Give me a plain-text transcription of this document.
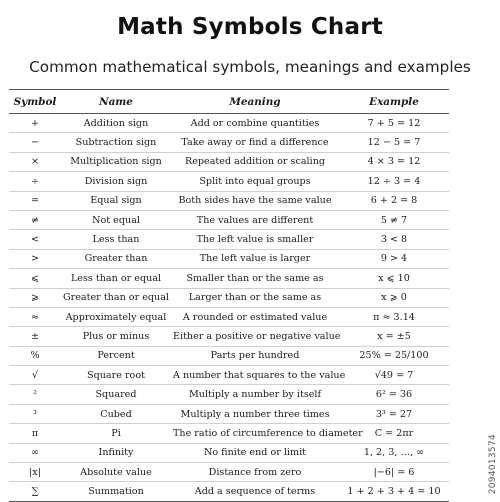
Math Symbols Chart
Common mathematical symbols, meanings and examples
Symbol	Name	Meaning	Example
+	Addition sign	Add or combine quantities	7 + 5 = 12
−	Subtraction sign	Take away or find a difference	12 − 5 = 7
×	Multiplication sign	Repeated addition or scaling	4 × 3 = 12
÷	Division sign	Split into equal groups	12 ÷ 3 = 4
=	Equal sign	Both sides have the same value	6 + 2 = 8
≠	Not equal	The values are different	5 ≠ 7
<	Less than	The left value is smaller	3 < 8
>	Greater than	The left value is larger	9 > 4
⩽	Less than or equal	Smaller than or the same as	x ⩽ 10
⩾	Greater than or equal	Larger than or the same as	x ⩾ 0
≈	Approximately equal	A rounded or estimated value	π ≈ 3.14
±	Plus or minus	Either a positive or negative value	x = ±5
%	Percent	Parts per hundred	25% = 25/100
√	Square root	A number that squares to the value	√49 = 7
²	Squared	Multiply a number by itself	6² = 36
³	Cubed	Multiply a number three times	3³ = 27
π	Pi	The ratio of circumference to diameter	C = 2πr
∞	Infinity	No finite end or limit	1, 2, 3, …, ∞
|x|	Absolute value	Distance from zero	|−6| = 6
∑	Summation	Add a sequence of terms	1 + 2 + 3 + 4 = 10	2094013574
